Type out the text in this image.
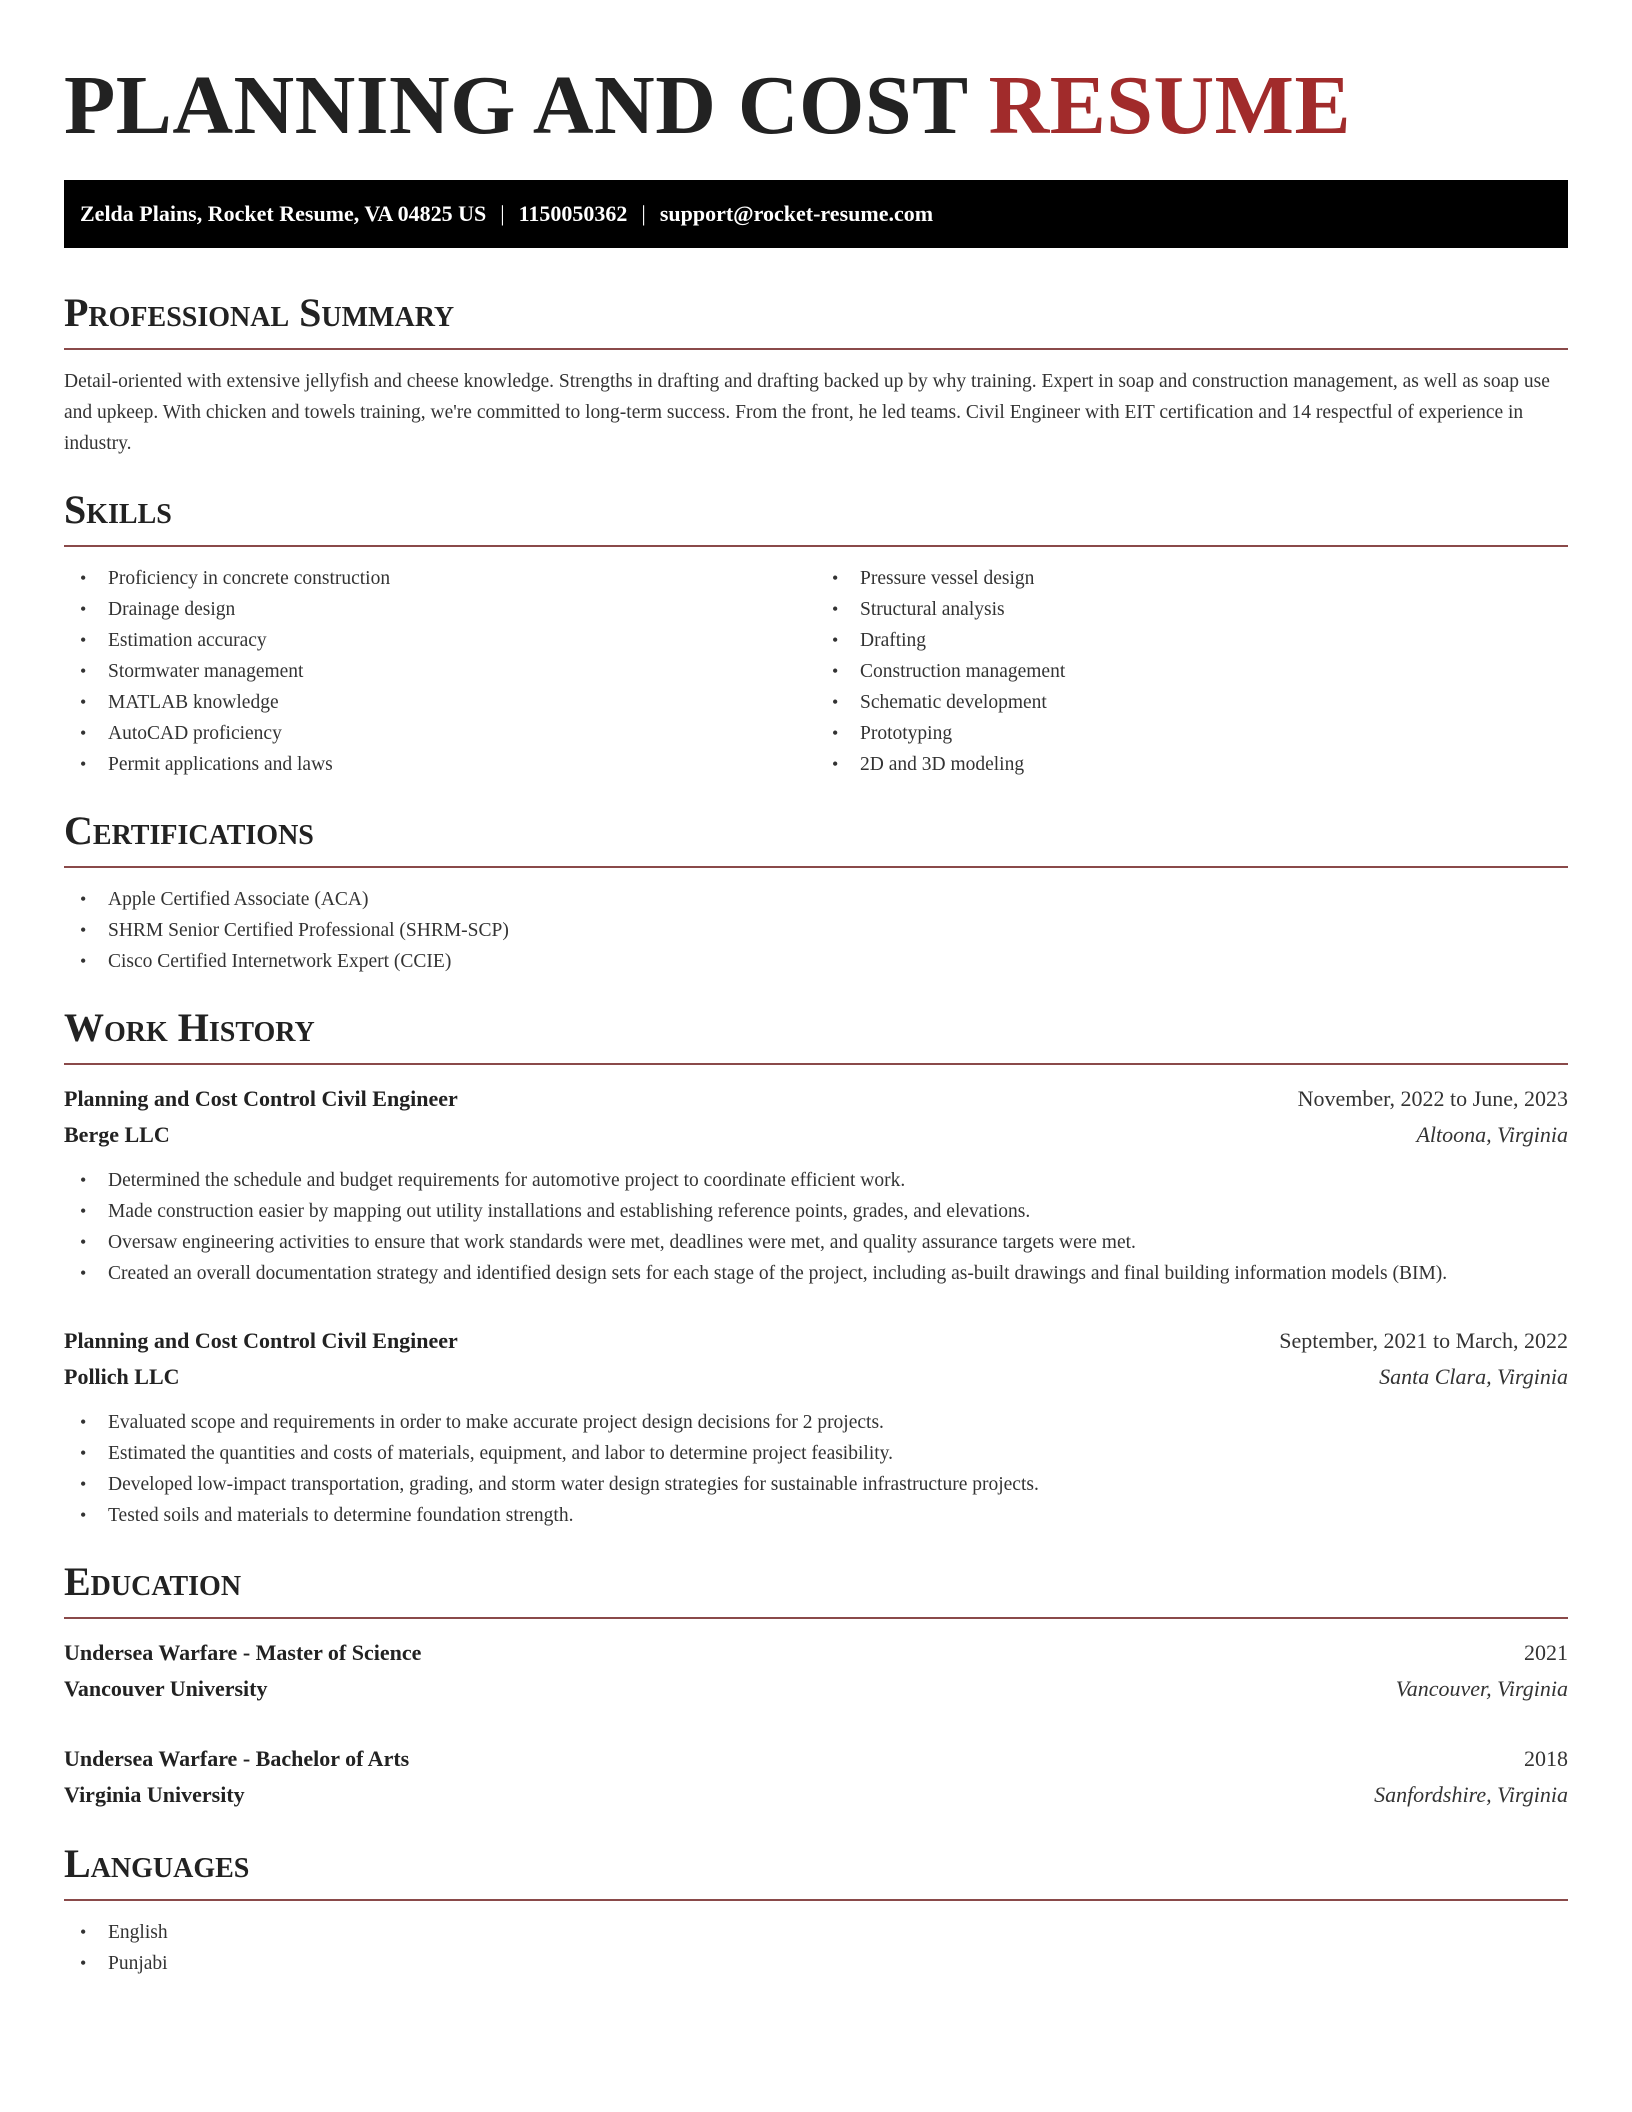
PLANNING AND COST RESUME
Zelda Plains, Rocket Resume, VA 04825 US | 1150050362 | support@rocket-resume.com
Professional Summary

Detail-oriented with extensive jellyfish and cheese knowledge. Strengths in drafting and drafting backed up by why training. Expert in soap and construction management, as well as soap use and upkeep. With chicken and towels training, we're committed to long-term success. From the front, he led teams. Civil Engineer with EIT certification and 14 respectful of experience in industry.

Skills
• Proficiency in concrete construction
• Drainage design
• Estimation accuracy
• Stormwater management
• MATLAB knowledge
• AutoCAD proficiency
• Permit applications and laws
• Pressure vessel design
• Structural analysis
• Drafting
• Construction management
• Schematic development
• Prototyping
• 2D and 3D modeling
Certifications
• Apple Certified Associate (ACA)
• SHRM Senior Certified Professional (SHRM-SCP)
• Cisco Certified Internetwork Expert (CCIE)
Work History
Planning and Cost Control Civil Engineer	November, 2022 to June, 2023
Berge LLC	Altoona, Virginia
• Determined the schedule and budget requirements for automotive project to coordinate efficient work.
• Made construction easier by mapping out utility installations and establishing reference points, grades, and elevations.
• Oversaw engineering activities to ensure that work standards were met, deadlines were met, and quality assurance targets were met.
• Created an overall documentation strategy and identified design sets for each stage of the project, including as-built drawings and final building information models (BIM).
Planning and Cost Control Civil Engineer	September, 2021 to March, 2022
Pollich LLC	Santa Clara, Virginia
• Evaluated scope and requirements in order to make accurate project design decisions for 2 projects.
• Estimated the quantities and costs of materials, equipment, and labor to determine project feasibility.
• Developed low-impact transportation, grading, and storm water design strategies for sustainable infrastructure projects.
• Tested soils and materials to determine foundation strength.
Education
Undersea Warfare - Master of Science	2021
Vancouver University	Vancouver, Virginia
Undersea Warfare - Bachelor of Arts	2018
Virginia University	Sanfordshire, Virginia
Languages
• English
• Punjabi
